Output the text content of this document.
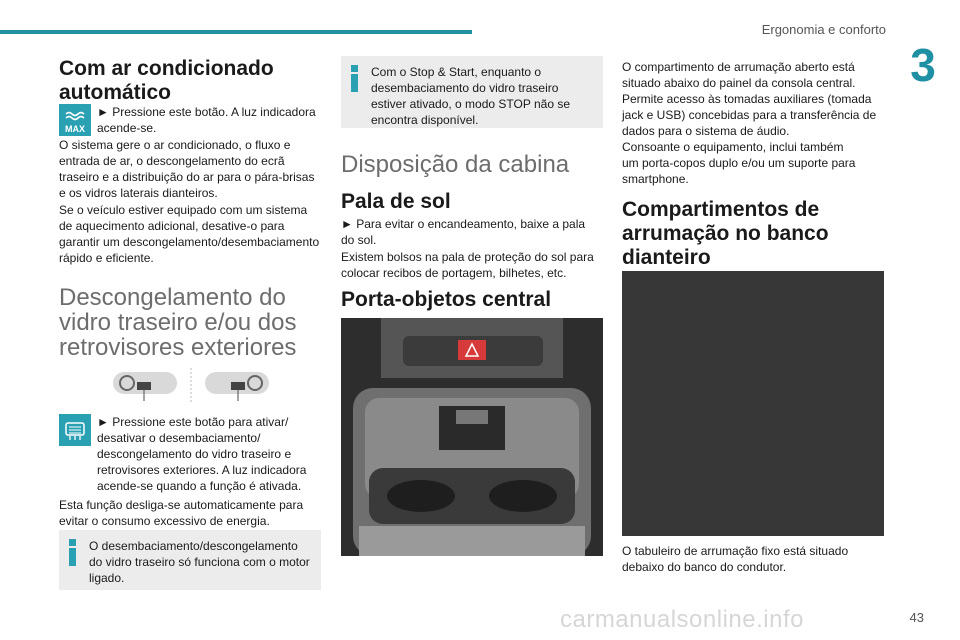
Ergonomia e conforto
3
Com ar condicionado automático
MAX

► Pressione este botão. A luz indicadora acende-se.

O sistema gere o ar condicionado, o fluxo e entrada de ar, o descongelamento do ecrã traseiro e a distribuição do ar para o pára-brisas e os vidros laterais dianteiros.

Se o veículo estiver equipado com um sistema de aquecimento adicional, desative-o para garantir um descongelamento/desembaciamento rápido e eficiente.

Descongelamento do vidro traseiro e/ou dos retrovisores exteriores

► Pressione este botão para ativar/ desativar o desembaciamento/ descongelamento do vidro traseiro e retrovisores exteriores. A luz indicadora acende-se quando a função é ativada.

Esta função desliga-se automaticamente para evitar o consumo excessivo de energia.

O desembaciamento/descongelamento do vidro traseiro só funciona com o motor ligado.

Com o Stop & Start, enquanto o desembaciamento do vidro traseiro estiver ativado, o modo STOP não se encontra disponível.

Disposição da cabina
Pala de sol

► Para evitar o encandeamento, baixe a pala do sol.

Existem bolsos na pala de proteção do sol para colocar recibos de portagem, bilhetes, etc.

Porta-objetos central

O compartimento de arrumação aberto está situado abaixo do painel da consola central.

Permite acesso às tomadas auxiliares (tomada jack e USB) concebidas para a transferência de dados para o sistema de áudio.

Consoante o equipamento, inclui também um porta-copos duplo e/ou um suporte para smartphone.

Compartimentos de arrumação no banco dianteiro

O tabuleiro de arrumação fixo está situado debaixo do banco do condutor.

carmanualsonline.info	43
